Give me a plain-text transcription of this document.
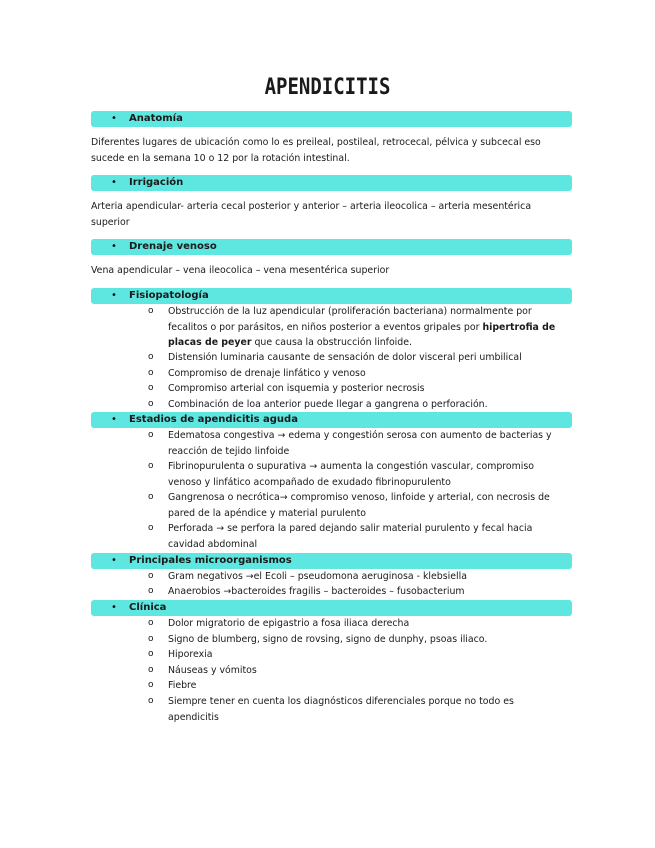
APENDICITIS
• Anatomía
Diferentes lugares de ubicación como lo es preileal, postileal, retrocecal, pélvica y subcecal eso
sucede en la semana 10 o 12 por la rotación intestinal.
• Irrigación
Arteria apendicular- arteria cecal posterior y anterior – arteria ileocolica – arteria mesentérica
superior
• Drenaje venoso
Vena apendicular – vena ileocolica – vena mesentérica superior
• Fisiopatología
o Obstrucción de la luz apendicular (proliferación bacteriana) normalmente por
fecalitos o por parásitos, en niños posterior a eventos gripales por hipertrofia de
placas de peyer que causa la obstrucción linfoide.
o Distensión luminaria causante de sensación de dolor visceral peri umbilical
o Compromiso de drenaje linfático y venoso
o Compromiso arterial con isquemia y posterior necrosis
o Combinación de loa anterior puede llegar a gangrena o perforación.
• Estadios de apendicitis aguda
o Edematosa congestiva → edema y congestión serosa con aumento de bacterias y
reacción de tejido linfoide
o Fibrinopurulenta o supurativa → aumenta la congestión vascular, compromiso
venoso y linfático acompañado de exudado fibrinopurulento
o Gangrenosa o necrótica→ compromiso venoso, linfoide y arterial, con necrosis de
pared de la apéndice y material purulento
o Perforada → se perfora la pared dejando salir material purulento y fecal hacia
cavidad abdominal
• Principales microorganismos
o Gram negativos →el Ecoli – pseudomona aeruginosa - klebsiella
o Anaerobios →bacteroides fragilis – bacteroides – fusobacterium
• Clínica
o Dolor migratorio de epigastrio a fosa iliaca derecha
o Signo de blumberg, signo de rovsing, signo de dunphy, psoas iliaco.
o Hiporexia
o Náuseas y vómitos
o Fiebre
o Siempre tener en cuenta los diagnósticos diferenciales porque no todo es
apendicitis
